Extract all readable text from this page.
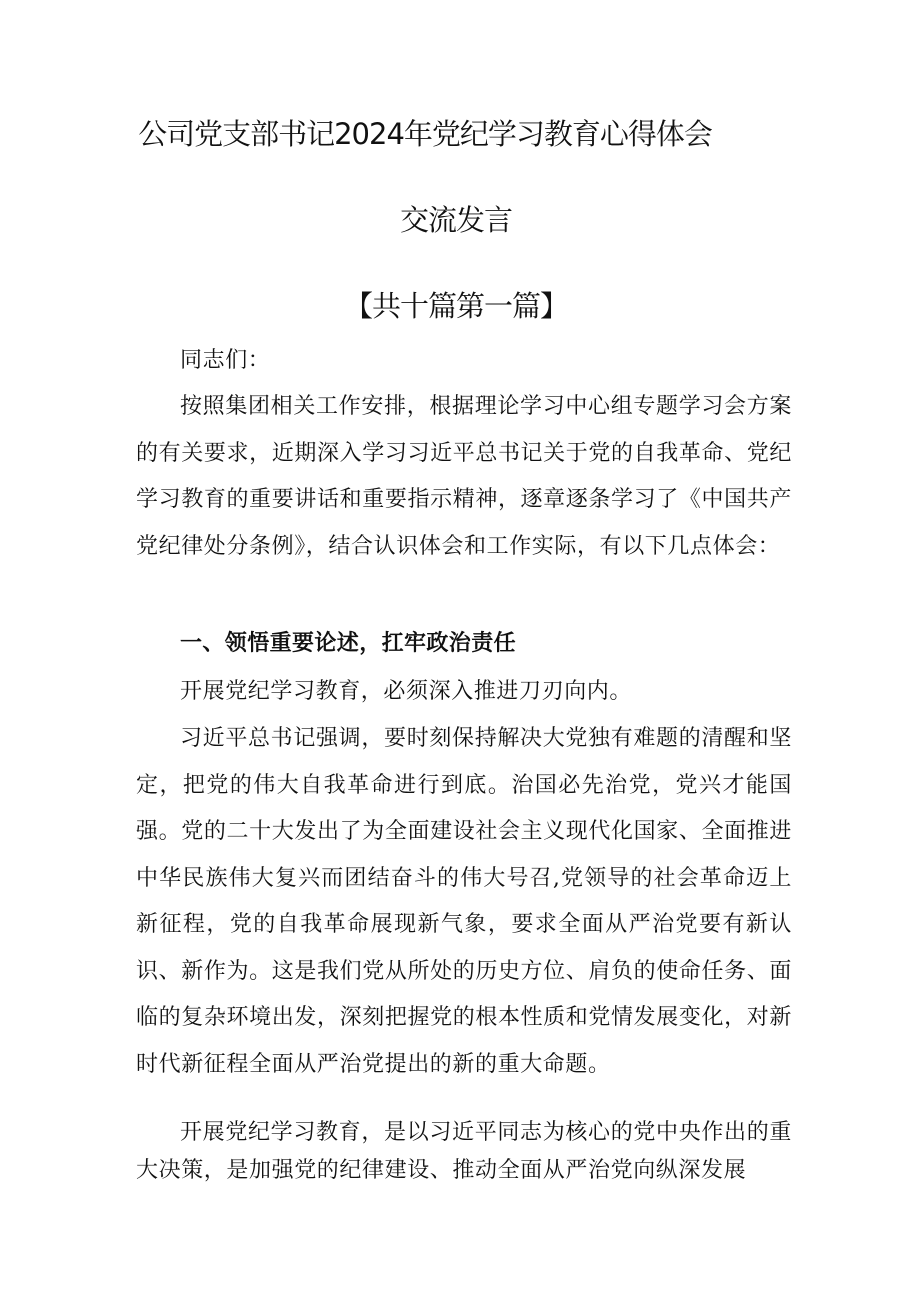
公司党支部书记2024年党纪学习教育心得体会
交流发言
【共十篇第一篇】

同志们：

按照集团相关工作安排，根据理论学习中心组专题学习会方案的有关要求，近期深入学习习近平总书记关于党的自我革命、党纪学习教育的重要讲话和重要指示精神，逐章逐条学习了《中国共产党纪律处分条例》，结合认识体会和工作实际，有以下几点体会：

一、领悟重要论述，扛牢政治责任

开展党纪学习教育，必须深入推进刀刃向内。

习近平总书记强调，要时刻保持解决大党独有难题的清醒和坚定，把党的伟大自我革命进行到底。治国必先治党，党兴才能国强。党的二十大发出了为全面建设社会主义现代化国家、全面推进中华民族伟大复兴而团结奋斗的伟大号召,党领导的社会革命迈上新征程，党的自我革命展现新气象，要求全面从严治党要有新认识、新作为。这是我们党从所处的历史方位、肩负的使命任务、面临的复杂环境出发，深刻把握党的根本性质和党情发展变化，对新时代新征程全面从严治党提出的新的重大命题。

开展党纪学习教育，是以习近平同志为核心的党中央作出的重大决策，是加强党的纪律建设、推动全面从严治党向纵深发展
